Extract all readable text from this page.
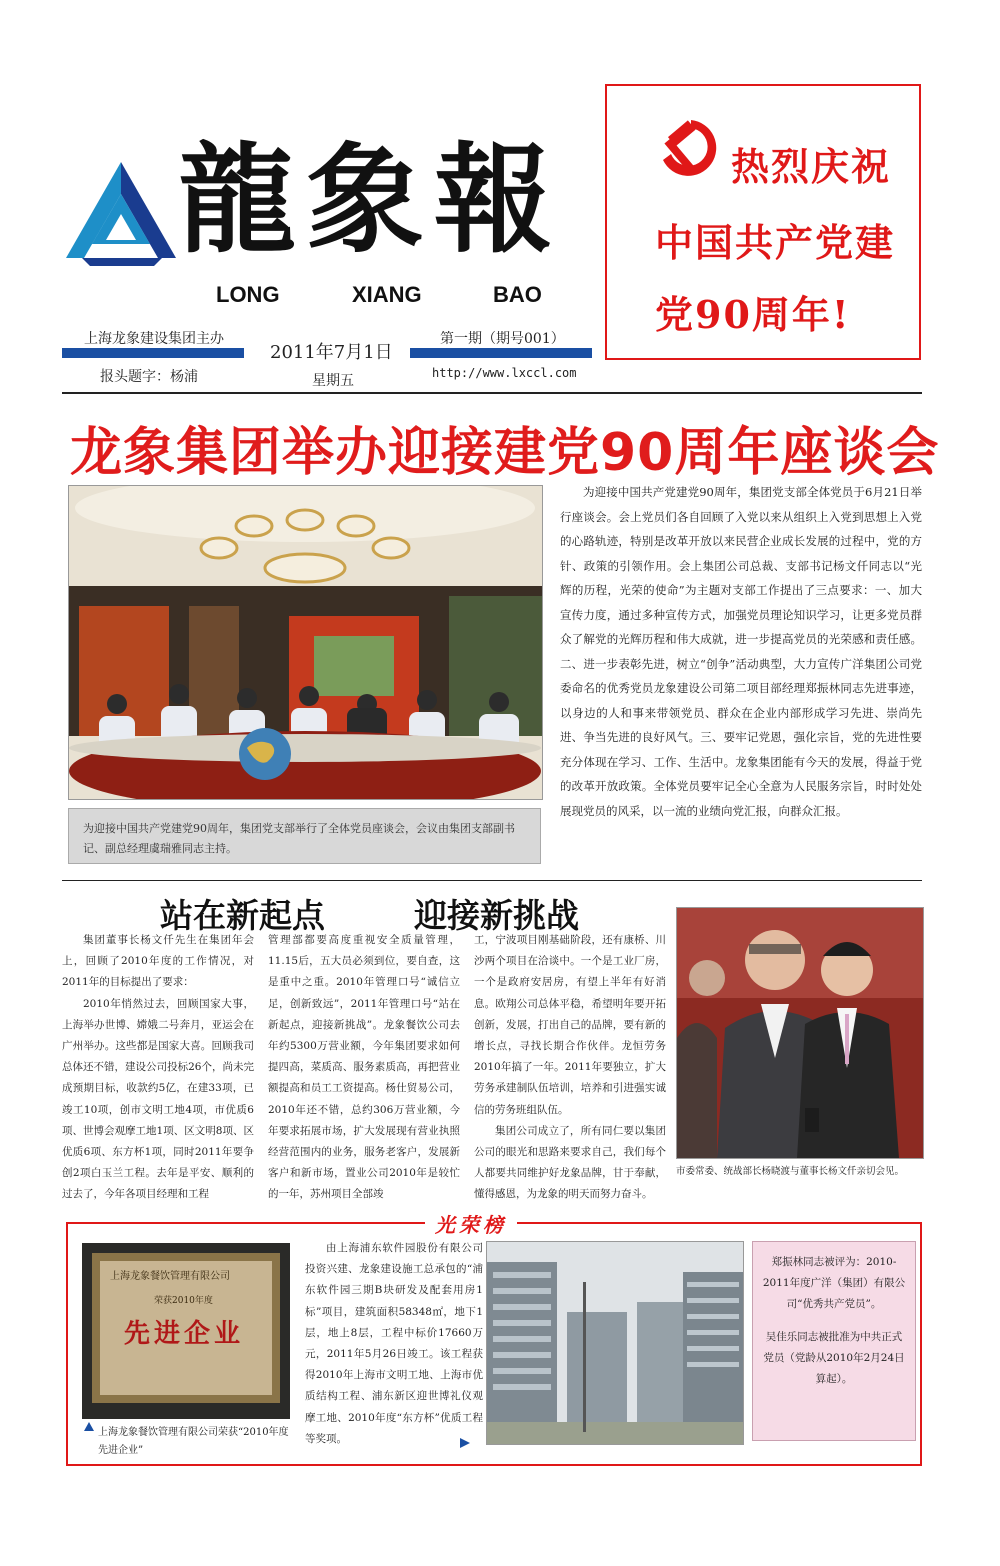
龍象報
LONG	XIANG	BAO
上海龙象建设集团主办
报头题字：杨浦
2011年7月1日
星期五
第一期（期号001）
http://www.lxccl.com
热烈庆祝
中国共产党建
党90周年!
龙象集团举办迎接建党90周年座谈会
为迎接中国共产党建党90周年，集团党支部举行了全体党员座谈会，会议由集团支部副书记、副总经理虞瑞雅同志主持。
为迎接中国共产党建党90周年，集团党支部全体党员于6月21日举行座谈会。会上党员们各自回顾了入党以来从组织上入党到思想上入党的心路轨迹，特别是改革开放以来民营企业成长发展的过程中，党的方针、政策的引领作用。会上集团公司总裁、支部书记杨文仟同志以“光辉的历程，光荣的使命”为主题对支部工作提出了三点要求：一、加大宣传力度，通过多种宣传方式，加强党员理论知识学习，让更多党员群众了解党的光辉历程和伟大成就，进一步提高党员的光荣感和责任感。二、进一步表彰先进，树立“创争”活动典型，大力宣传广洋集团公司党委命名的优秀党员龙象建设公司第二项目部经理郑振林同志先进事迹，以身边的人和事来带领党员、群众在企业内部形成学习先进、崇尚先进、争当先进的良好风气。三、要牢记党恩，强化宗旨，党的先进性要充分体现在学习、工作、生活中。龙象集团能有今天的发展，得益于党的改革开放政策。全体党员要牢记全心全意为人民服务宗旨，时时处处展现党员的风采，以一流的业绩向党汇报，向群众汇报。
站在新起点	迎接新挑战

集团董事长杨文仟先生在集团年会上，回顾了2010年度的工作情况，对2011年的目标提出了要求：

2010年悄然过去，回顾国家大事，上海举办世博、嫦娥二号奔月，亚运会在广州举办。这些都是国家大喜。回顾我司总体还不错，建设公司投标26个，尚未完成预期目标，收款约5亿，在建33项，已竣工10项，创市文明工地4项，市优质6项、世博会观摩工地1项、区文明8项、区优质6项、东方杯1项，同时2011年要争创2项白玉兰工程。去年是平安、顺利的过去了，今年各项目经理和工程

管理部都要高度重视安全质量管理，11.15后，五大员必须到位，要自查，这是重中之重。2010年管理口号“诚信立足，创新致远”，2011年管理口号“站在新起点，迎接新挑战”。龙象餐饮公司去年约5300万营业额，今年集团要求如何提四高，菜质高、服务素质高，再把营业额提高和员工工资提高。杨仕贸易公司，2010年还不错，总约306万营业额，今年要求拓展市场，扩大发展现有营业执照经营范围内的业务，服务老客户，发展新客户和新市场，置业公司2010年是较忙的一年，苏州项目全部竣

工，宁波项目刚基础阶段，还有康桥、川沙两个项目在洽谈中。一个是工业厂房，一个是政府安居房，有望上半年有好消息。欧翔公司总体平稳，希望明年要开拓创新，发展，打出自己的品牌，要有新的增长点，寻找长期合作伙伴。龙恒劳务2010年搞了一年。2011年要独立，扩大劳务承建制队伍培训，培养和引进强实诚信的劳务班组队伍。

集团公司成立了，所有同仁要以集团公司的眼光和思路来要求自己，我们每个人都要共同维护好龙象品牌，甘于奉献，懂得感恩，为龙象的明天而努力奋斗。

市委常委、统战部长杨晓渡与董事长杨文仟亲切会见。
光荣榜
上海龙象餐饮管理有限公司
荣获2010年度
先进企业
上海龙象餐饮管理有限公司荣获“2010年度先进企业”
由上海浦东软件园股份有限公司投资兴建、龙象建设施工总承包的“浦东软件园三期B块研发及配套用房1标”项目，建筑面积58348㎡，地下1层，地上8层，工程中标价17660万元，2011年5月26日竣工。该工程获得2010年上海市文明工地、上海市优质结构工程、浦东新区迎世博礼仪观摩工地、2010年度“东方杯”优质工程等奖项。

郑振林同志被评为：2010-2011年度广洋（集团）有限公司“优秀共产党员”。

吴佳乐同志被批准为中共正式党员（党龄从2010年2月24日算起）。
